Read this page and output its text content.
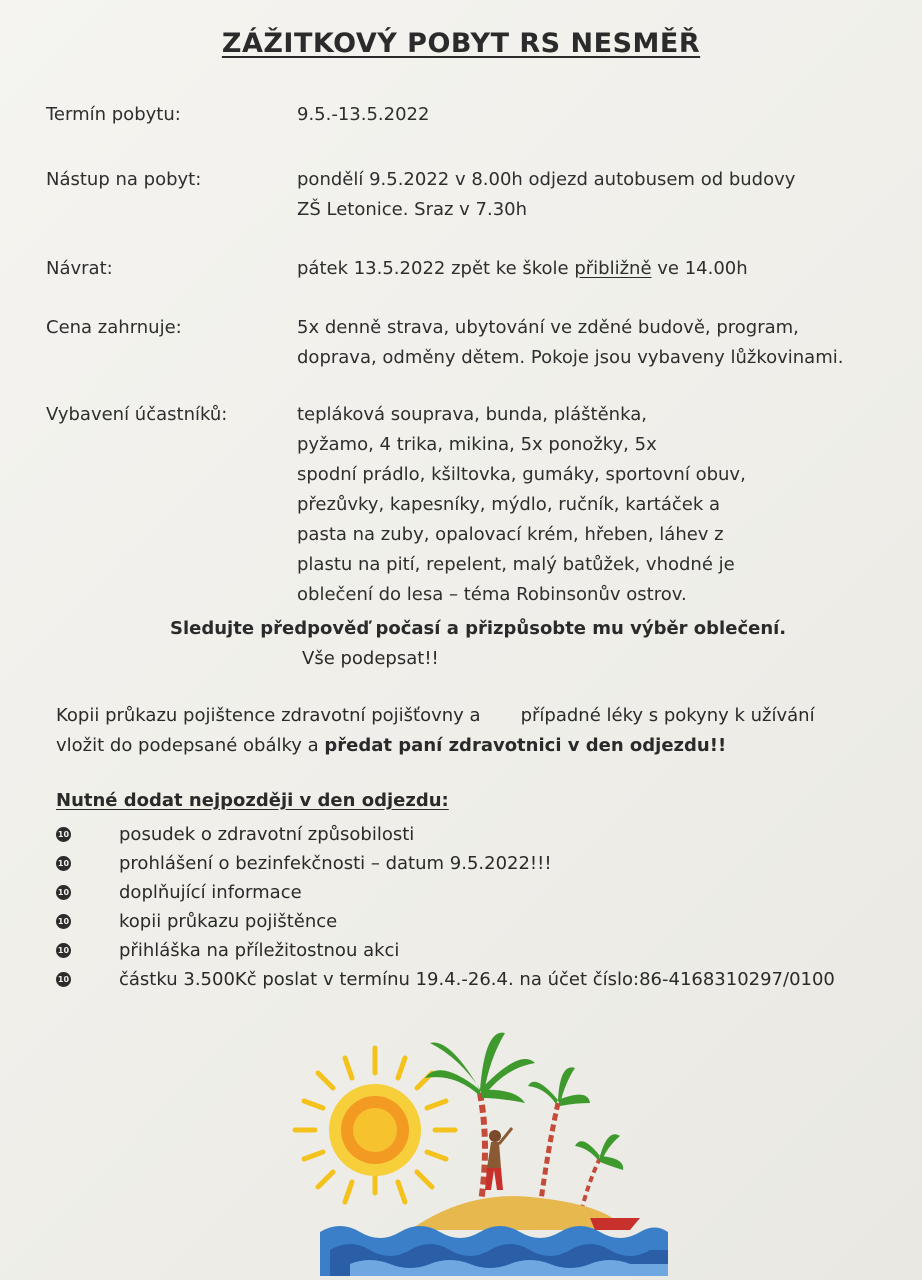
ZÁŽITKOVÝ POBYT RS NESMĚŘ
Termín pobytu:	9.5.-13.5.2022
Nástup na pobyt:	pondělí 9.5.2022 v 8.00h odjezd autobusem od budovy
ZŠ Letonice. Sraz v 7.30h
Návrat:	pátek 13.5.2022 zpět ke škole přibližně ve 14.00h
Cena zahrnuje:	5x denně strava, ubytování ve zděné budově, program,
doprava, odměny dětem. Pokoje jsou vybaveny lůžkovinami.
Vybavení účastníků:	tepláková souprava, bunda, pláštěnka,
pyžamo, 4 trika, mikina, 5x ponožky, 5x
spodní prádlo, kšiltovka, gumáky, sportovní obuv,
přezůvky, kapesníky, mýdlo, ručník, kartáček a
pasta na zuby, opalovací krém, hřeben, láhev z
plastu na pití, repelent, malý batůžek, vhodné je
oblečení do lesa – téma Robinsonův ostrov.
Sledujte předpověď počasí a přizpůsobte mu výběr oblečení.
Vše podepsat!!
Kopii průkazu pojištence zdravotní pojišťovny a případné léky s pokyny k užívání
vložit do podepsané obálky a předat paní zdravotnici v den odjezdu!!
Nutné dodat nejpozději v den odjezdu:
10	posudek o zdravotní způsobilosti
10	prohlášení o bezinfekčnosti – datum 9.5.2022!!!
10	doplňující informace
10	kopii průkazu pojištěnce
10	přihláška na příležitostnou akci
10	částku 3.500Kč poslat v termínu 19.4.-26.4. na účet číslo:86-4168310297/0100
